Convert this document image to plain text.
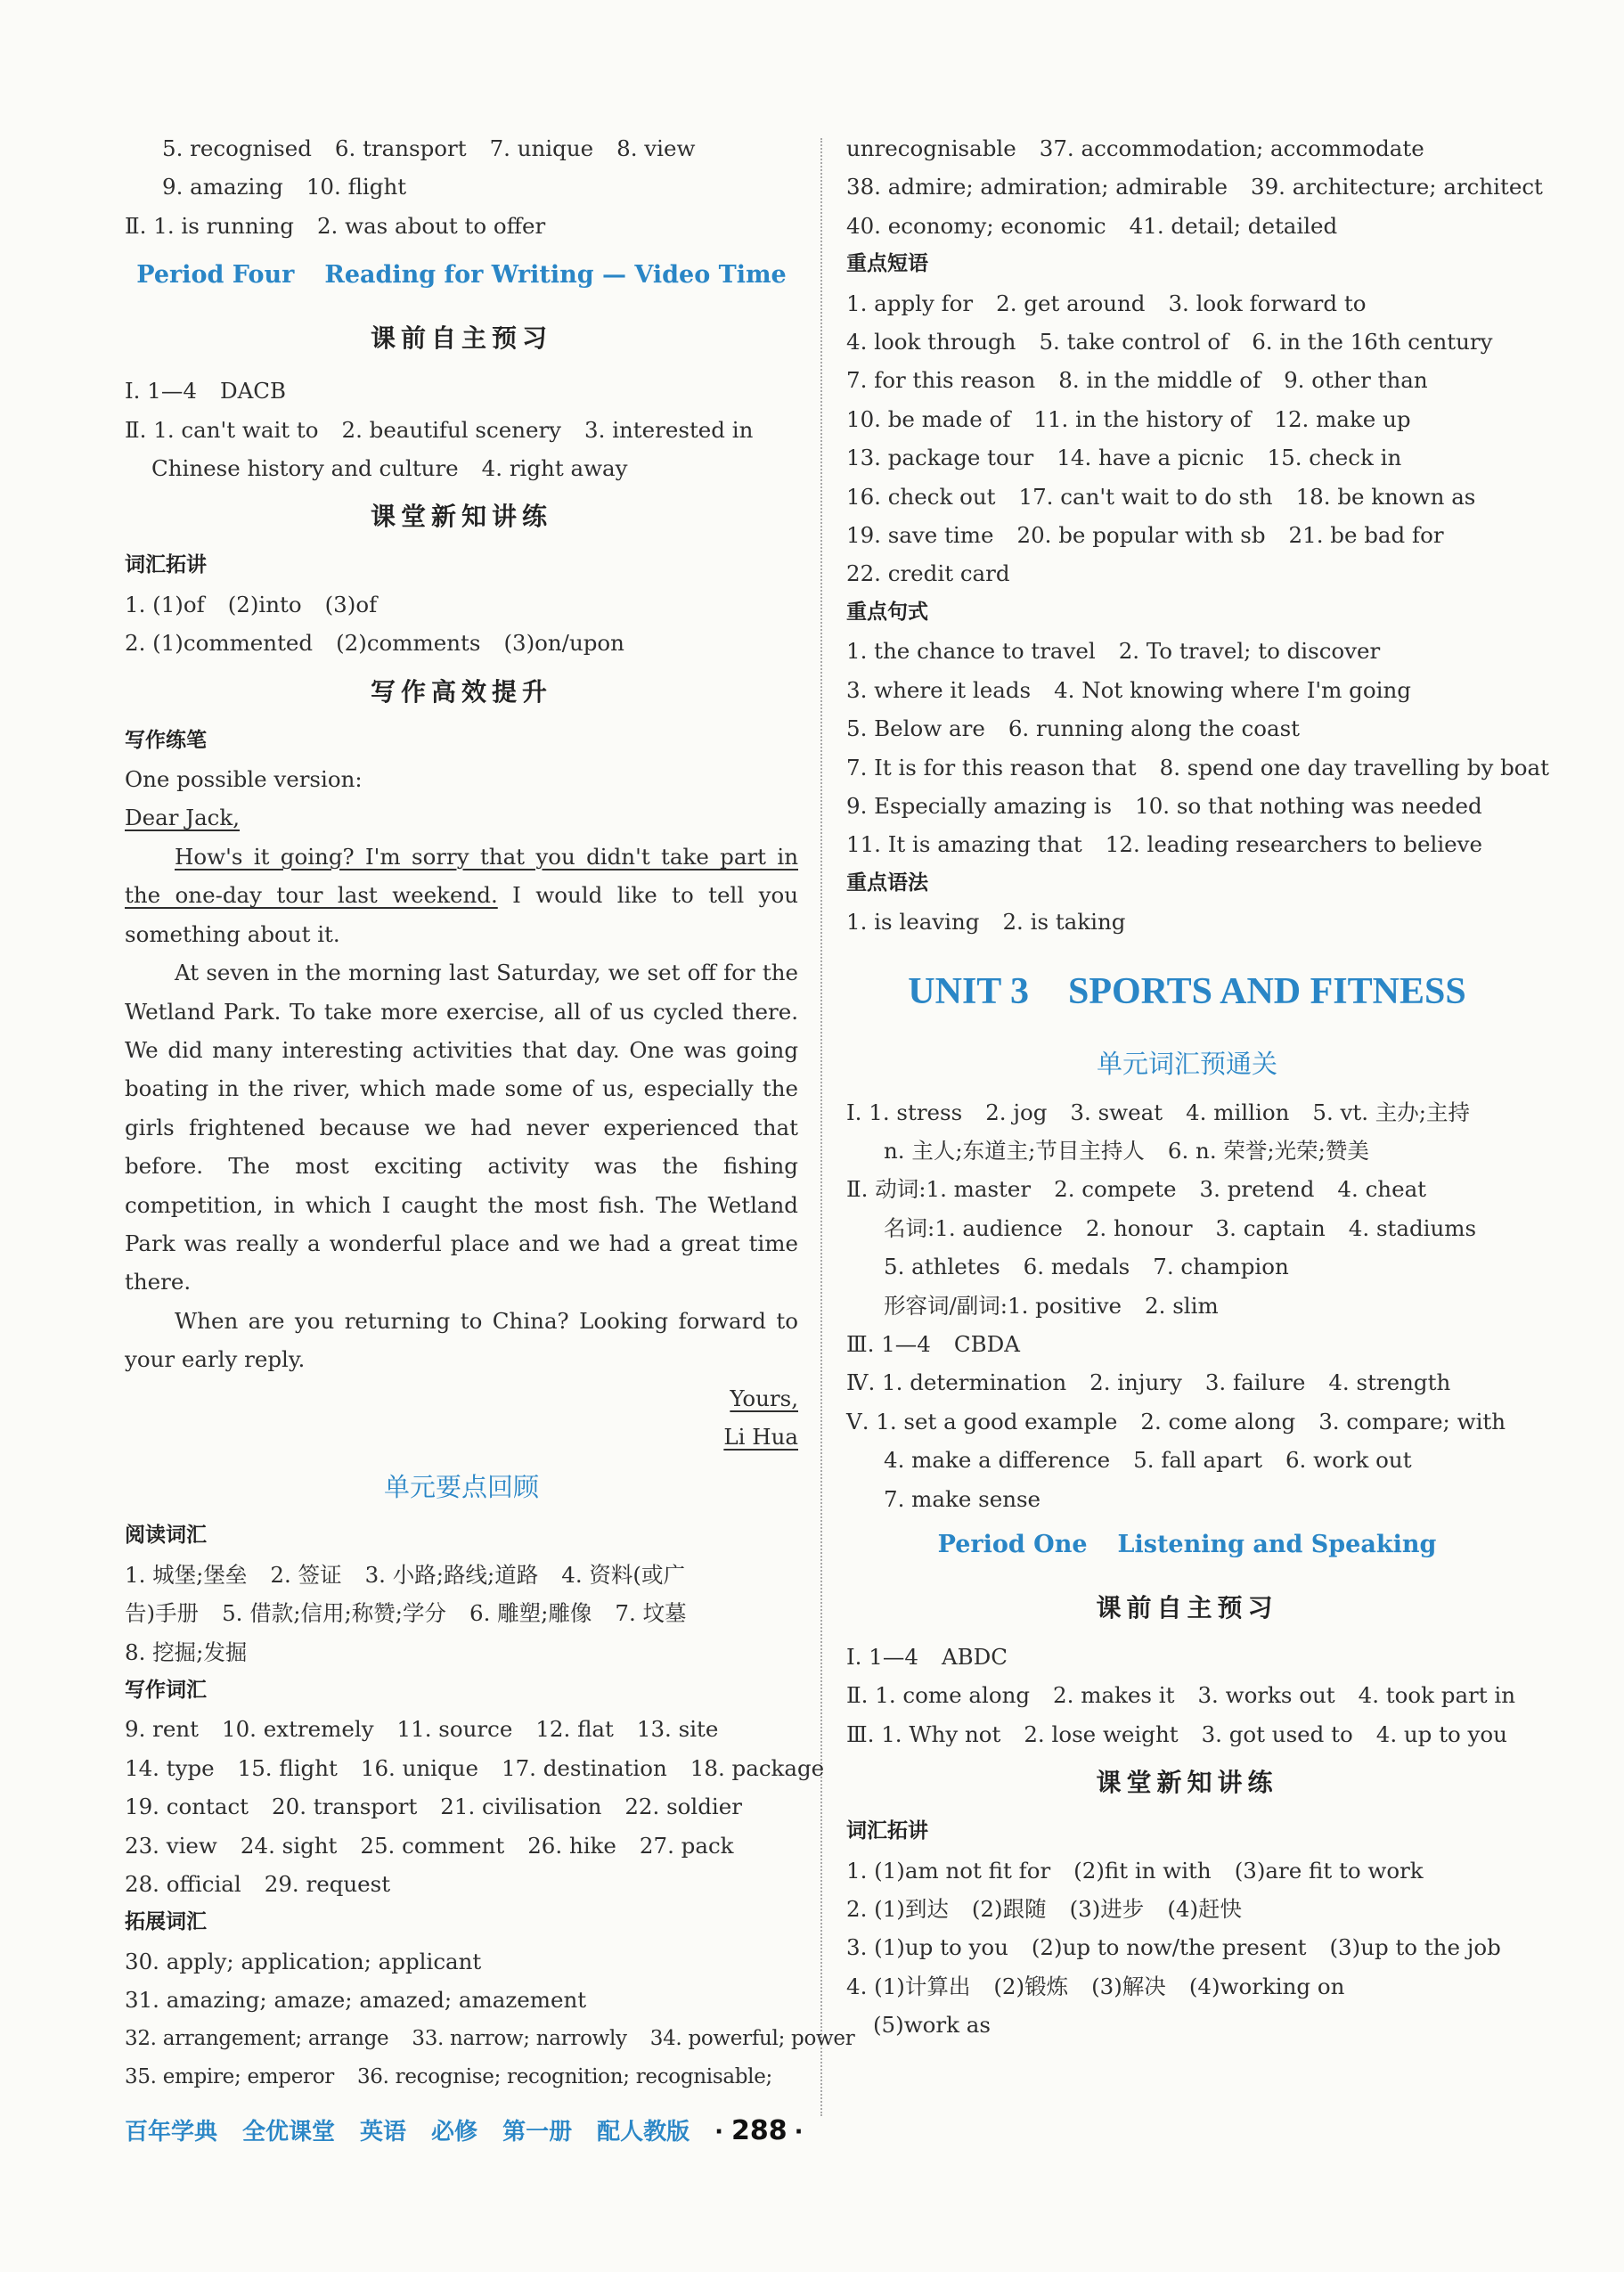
5. recognised 6. transport 7. unique 8. view
9. amazing 10. flight
Ⅱ. 1. is running 2. was about to offer
Period Four Reading for Writing — Video Time
课前自主预习
Ⅰ. 1—4 DACB
Ⅱ. 1. can't wait to 2. beautiful scenery 3. interested in
Chinese history and culture 4. right away
课堂新知讲练
词汇拓讲
1. (1)of (2)into (3)of
2. (1)commented (2)comments (3)on/upon
写作高效提升
写作练笔
One possible version:
Dear Jack,
How's it going? I'm sorry that you didn't take part in the one-day tour last weekend. I would like to tell you something about it.
At seven in the morning last Saturday, we set off for the Wetland Park. To take more exercise, all of us cycled there. We did many interesting activities that day. One was going boating in the river, which made some of us, especially the girls frightened because we had never experienced that before. The most exciting activity was the fishing competition, in which I caught the most fish. The Wetland Park was really a wonderful place and we had a great time there.
When are you returning to China? Looking forward to your early reply.
Yours,
Li Hua
单元要点回顾
阅读词汇
1. 城堡;堡垒 2. 签证 3. 小路;路线;道路 4. 资料(或广
告)手册 5. 借款;信用;称赞;学分 6. 雕塑;雕像 7. 坟墓
8. 挖掘;发掘
写作词汇
9. rent 10. extremely 11. source 12. flat 13. site
14. type 15. flight 16. unique 17. destination 18. package
19. contact 20. transport 21. civilisation 22. soldier
23. view 24. sight 25. comment 26. hike 27. pack
28. official 29. request
拓展词汇
30. apply; application; applicant
31. amazing; amaze; amazed; amazement
32. arrangement; arrange 33. narrow; narrowly 34. powerful; power
35. empire; emperor 36. recognise; recognition; recognisable;
unrecognisable 37. accommodation; accommodate
38. admire; admiration; admirable 39. architecture; architect
40. economy; economic 41. detail; detailed
重点短语
1. apply for 2. get around 3. look forward to
4. look through 5. take control of 6. in the 16th century
7. for this reason 8. in the middle of 9. other than
10. be made of 11. in the history of 12. make up
13. package tour 14. have a picnic 15. check in
16. check out 17. can't wait to do sth 18. be known as
19. save time 20. be popular with sb 21. be bad for
22. credit card
重点句式
1. the chance to travel 2. To travel; to discover
3. where it leads 4. Not knowing where I'm going
5. Below are 6. running along the coast
7. It is for this reason that 8. spend one day travelling by boat
9. Especially amazing is 10. so that nothing was needed
11. It is amazing that 12. leading researchers to believe
重点语法
1. is leaving 2. is taking
UNIT 3 SPORTS AND FITNESS
单元词汇预通关
Ⅰ. 1. stress 2. jog 3. sweat 4. million 5. vt. 主办;主持
n. 主人;东道主;节目主持人 6. n. 荣誉;光荣;赞美
Ⅱ. 动词:1. master 2. compete 3. pretend 4. cheat
名词:1. audience 2. honour 3. captain 4. stadiums
5. athletes 6. medals 7. champion
形容词/副词:1. positive 2. slim
Ⅲ. 1—4 CBDA
Ⅳ. 1. determination 2. injury 3. failure 4. strength
Ⅴ. 1. set a good example 2. come along 3. compare; with
4. make a difference 5. fall apart 6. work out
7. make sense
Period One Listening and Speaking
课前自主预习
Ⅰ. 1—4 ABDC
Ⅱ. 1. come along 2. makes it 3. works out 4. took part in
Ⅲ. 1. Why not 2. lose weight 3. got used to 4. up to you
课堂新知讲练
词汇拓讲
1. (1)am not fit for (2)fit in with (3)are fit to work
2. (1)到达 (2)跟随 (3)进步 (4)赶快
3. (1)up to you (2)up to now/the present (3)up to the job
4. (1)计算出 (2)锻炼 (3)解决 (4)working on
(5)work as
百年学典 全优课堂 英语 必修 第一册 配人教版 · 288 ·
